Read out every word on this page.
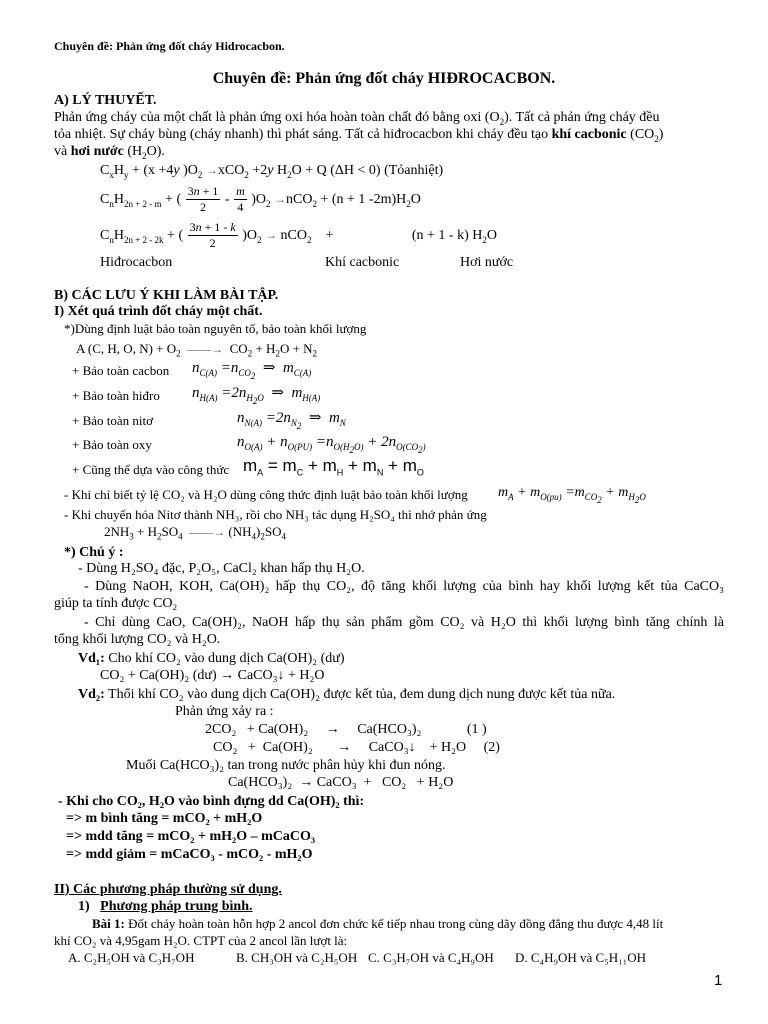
Chuyên đề: Phản ứng đốt cháy Hidrocacbon.
Chuyên đề: Phản ứng đốt cháy HIĐROCACBON.
A) LÝ THUYẾT.
Phản ứng cháy của một chất là phản ứng oxi hóa hoàn toàn chất đó bằng oxi $(O_2)$. Tất cả phản ứng cháy đều
tỏa nhiệt. Sự cháy bùng (cháy nhanh) thì phát sáng. Tất cả hiđrocacbon khi cháy đều tạo khí cacbonic $(CO_2)$
và hơi nước $(H_2O)$.
$C_xH_y + (x +4y$ )$O_2 \to xCO_2 +2y$ $H_2O + Q$ (ΔH < 0) (Tỏanhiệt)
$C_nH_{2n + 2 - m}$ + ( $\frac{3n + 1}{2} - \frac{m}{4} )O_2 \to nCO_2 + (n + 1$ $-2m)H_2O$
$C_nH_{2n + 2 - 2k}$ + ( $\frac{3n + 1 - k}{2} )O_2 \to nCO_2$    +	(n + 1 - k) $H_2O$
Hiđrocacbon	Khí cacbonic	Hơi nước
B) CÁC LƯU Ý KHI LÀM BÀI TẬP.
I) Xét quá trình đốt cháy một chất.
*)Dùng định luật bảo toàn nguyên tố, bảo toàn khối lượng
A (C, H, O, $N) + O_2$ ——→  $CO_2 + H_2O + N_2$
+ Bảo toàn cacbon $n_{C(A)} =n_{CO_2}$  ⇒  $m_{C(A)}$
+ Bảo toàn hiđro $n_{H(A)} =2n_{H_2O}$  ⇒  $m_{H(A)}$
+ Bảo toàn nitơ	$n_{N(A)} =2n_{N_2}$  ⇒  $m_N$
+ Bảo toàn oxy	$n_{O(A)} + n_{O(PU)} =n_{O(H_2O)} + 2n_{O(CO_2)}$
+ Cũng thể dựa vào công thức $m_A = m_C + m_H + m_N + m_O$
- Khi chỉ biết tỷ lệ CO₂ và H₂O dùng công thức định luật bảo toàn khối lượng $m_A + m_{O(pu)} =m_{CO_2} + m_{H_2O}$
- Khi chuyển hóa Nitơ thành NH₃, rồi cho NH₃ tác dụng H₂SO₄ thì nhớ phản ứng
$2NH_3 + H_2SO_4$ ——→ $(NH_4)_2SO_4$
*) Chú ý :
- Dùng H₂SO₄ đặc, P₂O₅, CaCl₂ khan hấp thụ H₂O.
- Dùng NaOH, KOH, Ca(OH)₂ hấp thụ CO₂, độ tăng khối lượng của bình hay khối lượng kết tủa CaCO₃
giúp ta tính được CO₂
- Chỉ dùng CaO, Ca(OH)₂, NaOH hấp thụ sản phẩm gồm CO₂ và H₂O thì khối lượng bình tăng chính là
tổng khối lượng CO₂ và H₂O.
Vd₁: Cho khí CO₂ vào dung dịch Ca(OH)₂ (dư)
CO₂ + Ca(OH)₂ (dư) → CaCO₃↓ + H₂O
Vd₂: Thổi khí CO₂ vào dung dịch Ca(OH)₂ được kết tủa, đem dung dịch nung được kết tủa nữa.
Phản ứng xảy ra :
2CO₂   + Ca(OH)₂     →     Ca(HCO₃)₂             (1 )
CO₂   +  Ca(OH)₂       →     CaCO₃↓    + H₂O     (2)
Muối Ca(HCO₃)₂ tan trong nước phân hủy khi đun nóng.
Ca(HCO₃)₂  → CaCO₃  +   CO₂   + H₂O
- Khi cho CO₂, H₂O vào bình đựng dd Ca(OH)₂ thì:
=> m bình tăng = mCO₂ + mH₂O
=> mdd tăng = mCO₂ + mH₂O – mCaCO₃
=> mdd giảm = mCaCO₃ - mCO₂ - mH₂O
II) Các phương pháp thường sử dụng.
1) Phương pháp trung bình.
Bài 1: Đốt cháy hoàn toàn hỗn hợp 2 ancol đơn chức kế tiếp nhau trong cùng dãy đồng đẳng thu được 4,48 lít
khí CO₂ và 4,95gam H₂O. CTPT của 2 ancol lần lượt là:
A. C₂H₅OH và C₃H₇OH	B. CH₃OH và C₂H₅OH C. C₃H₇OH và C₄H₉OH D. C₄H₉OH và C₅H₁₁OH
1
